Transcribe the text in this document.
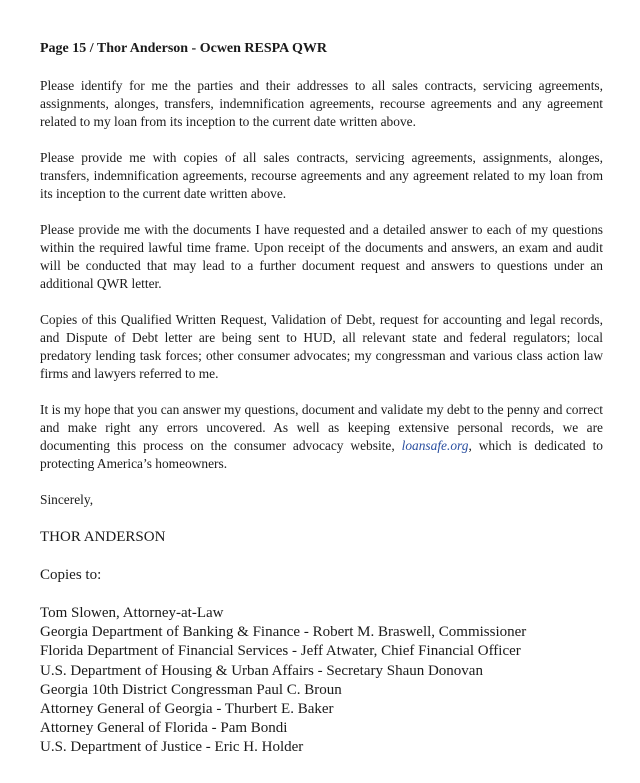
Page 15 / Thor Anderson - Ocwen RESPA QWR

Please identify for me the parties and their addresses to all sales contracts, servicing agreements, assignments, alonges, transfers, indemnification agreements, recourse agreements and any agreement related to my loan from its inception to the current date written above.

Please provide me with copies of all sales contracts, servicing agreements, assignments, alonges, transfers, indemnification agreements, recourse agreements and any agreement related to my loan from its inception to the current date written above.

Please provide me with the documents I have requested and a detailed answer to each of my questions within the required lawful time frame. Upon receipt of the documents and answers, an exam and audit will be conducted that may lead to a further document request and answers to questions under an additional QWR letter.

Copies of this Qualified Written Request, Validation of Debt, request for accounting and legal records, and Dispute of Debt letter are being sent to HUD, all relevant state and federal regulators; local predatory lending task forces; other consumer advocates; my congressman and various class action law firms and lawyers referred to me.

It is my hope that you can answer my questions, document and validate my debt to the penny and correct and make right any errors uncovered. As well as keeping extensive personal records, we are documenting this process on the consumer advocacy website, loansafe.org, which is dedicated to protecting America’s homeowners.

Sincerely,
THOR ANDERSON
Copies to:
Tom Slowen, Attorney-at-Law
Georgia Department of Banking & Finance - Robert M. Braswell, Commissioner
Florida Department of Financial Services - Jeff Atwater, Chief Financial Officer
U.S. Department of Housing & Urban Affairs - Secretary Shaun Donovan
Georgia 10th District Congressman Paul C. Broun
Attorney General of Georgia - Thurbert E. Baker
Attorney General of Florida - Pam Bondi
U.S. Department of Justice - Eric H. Holder
